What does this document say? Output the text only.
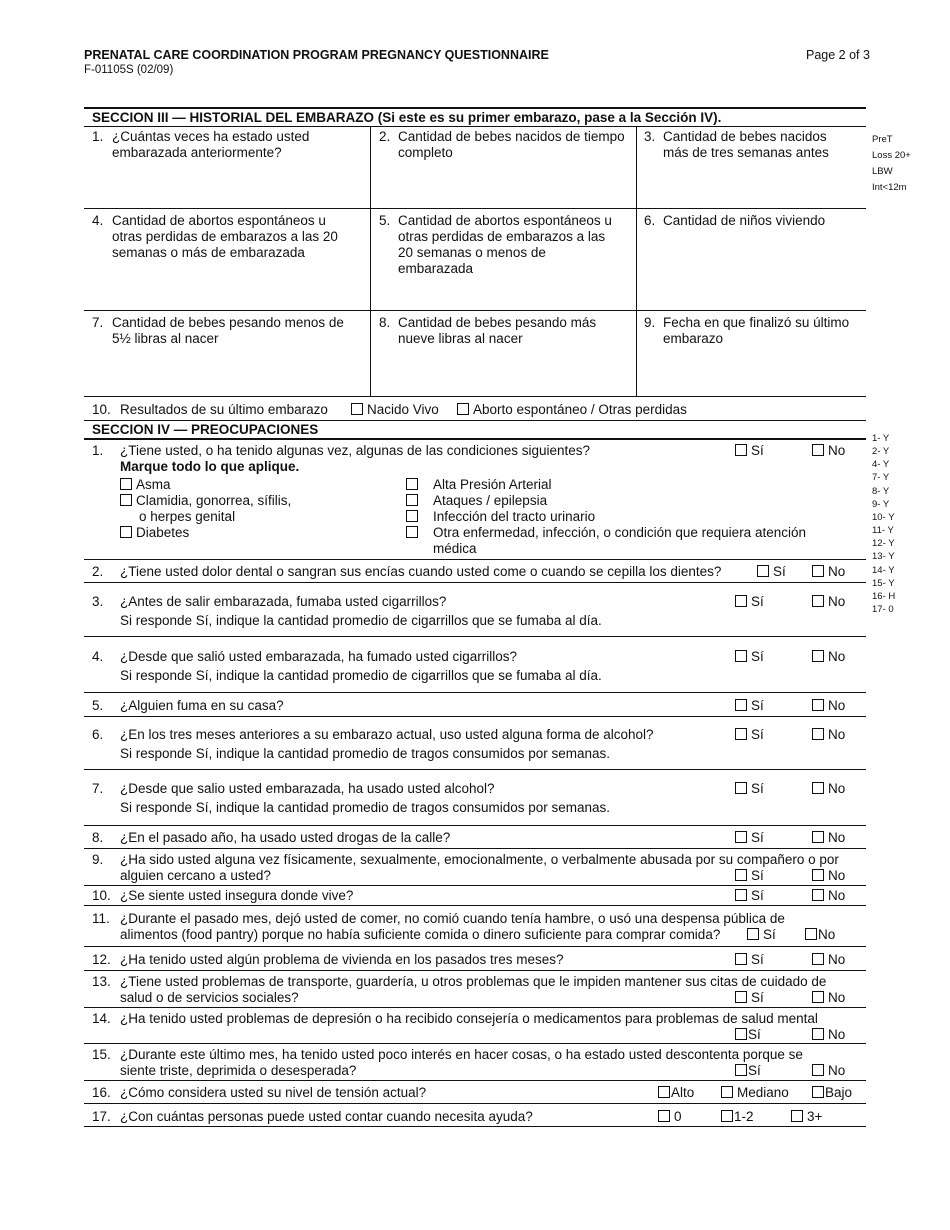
PRENATAL CARE COORDINATION PROGRAM PREGNANCY QUESTIONNAIRE
F-01105S (02/09)
Page 2 of 3
SECCION III — HISTORIAL DEL EMBARAZO (Si este es su primer embarazo, pase a la Sección IV).
1. ¿Cuántas veces ha estado usted
embarazada anteriormente?
2. Cantidad de bebes nacidos de tiempo
completo
3. Cantidad de bebes nacidos
más de tres semanas antes
4. Cantidad de abortos espontáneos u
otras perdidas de embarazos a las 20
semanas o más de embarazada
5. Cantidad de abortos espontáneos u
otras perdidas de embarazos a las
20 semanas o menos de
embarazada
6. Cantidad de niños viviendo
7. Cantidad de bebes pesando menos de
5½ libras al nacer
8. Cantidad de bebes pesando más
nueve libras al nacer
9. Fecha en que finalizó su último
embarazo
PreT
Loss 20+
LBW
Int<12m
10. Resultados de su último embarazo	Nacido Vivo	Aborto espontáneo / Otras perdidas
SECCION IV — PREOCUPACIONES
1. ¿Tiene usted, o ha tenido algunas vez, algunas de las condiciones siguientes?
Marque todo lo que aplique.
Sí	No
Asma
Clamidia, gonorrea, sífilis,
o herpes genital
Diabetes
Alta Presión Arterial
Ataques / epilepsia
Infección del tracto urinario
Otra enfermedad, infección, o condición que requiera atención
médica
2. ¿Tiene usted dolor dental o sangran sus encías cuando usted come o cuando se cepilla los dientes?	Sí	No
3. ¿Antes de salir embarazada, fumaba usted cigarrillos?
Si responde Sí, indique la cantidad promedio de cigarrillos que se fumaba al día.
Sí	No
4. ¿Desde que salió usted embarazada, ha fumado usted cigarrillos?
Si responde Sí, indique la cantidad promedio de cigarrillos que se fumaba al día.
Sí	No
5. ¿Alguien fuma en su casa?	Sí	No
6. ¿En los tres meses anteriores a su embarazo actual, uso usted alguna forma de alcohol?
Si responde Sí, indique la cantidad promedio de tragos consumidos por semanas.
Sí	No
7. ¿Desde que salio usted embarazada, ha usado usted alcohol?
Si responde Sí, indique la cantidad promedio de tragos consumidos por semanas.
Sí	No
8. ¿En el pasado año, ha usado usted drogas de la calle?	Sí	No
9. ¿Ha sido usted alguna vez físicamente, sexualmente, emocionalmente, o verbalmente abusada por su compañero o por
alguien cercano a usted?	Sí	No
10. ¿Se siente usted insegura donde vive?	Sí	No
11. ¿Durante el pasado mes, dejó usted de comer, no comió cuando tenía hambre, o usó una despensa pública de
alimentos (food pantry) porque no había suficiente comida o dinero suficiente para comprar comida?	Sí	No
12. ¿Ha tenido usted algún problema de vivienda en los pasados tres meses?	Sí	No
13. ¿Tiene usted problemas de transporte, guardería, u otros problemas que le impiden mantener sus citas de cuidado de
salud o de servicios sociales?	Sí	No
14. ¿Ha tenido usted problemas de depresión o ha recibido consejería o medicamentos para problemas de salud mental
Sí	No
15. ¿Durante este último mes, ha tenido usted poco interés en hacer cosas, o ha estado usted descontenta porque se
siente triste, deprimida o desesperada?	Sí	No
16. ¿Cómo considera usted su nivel de tensión actual?	Alto	Mediano	Bajo
17. ¿Con cuántas personas puede usted contar cuando necesita ayuda?	0	1-2	3+
1- Y
2- Y
4- Y
7- Y
8- Y
9- Y
10- Y
11- Y
12- Y
13- Y
14- Y
15- Y
16- H
17- 0
